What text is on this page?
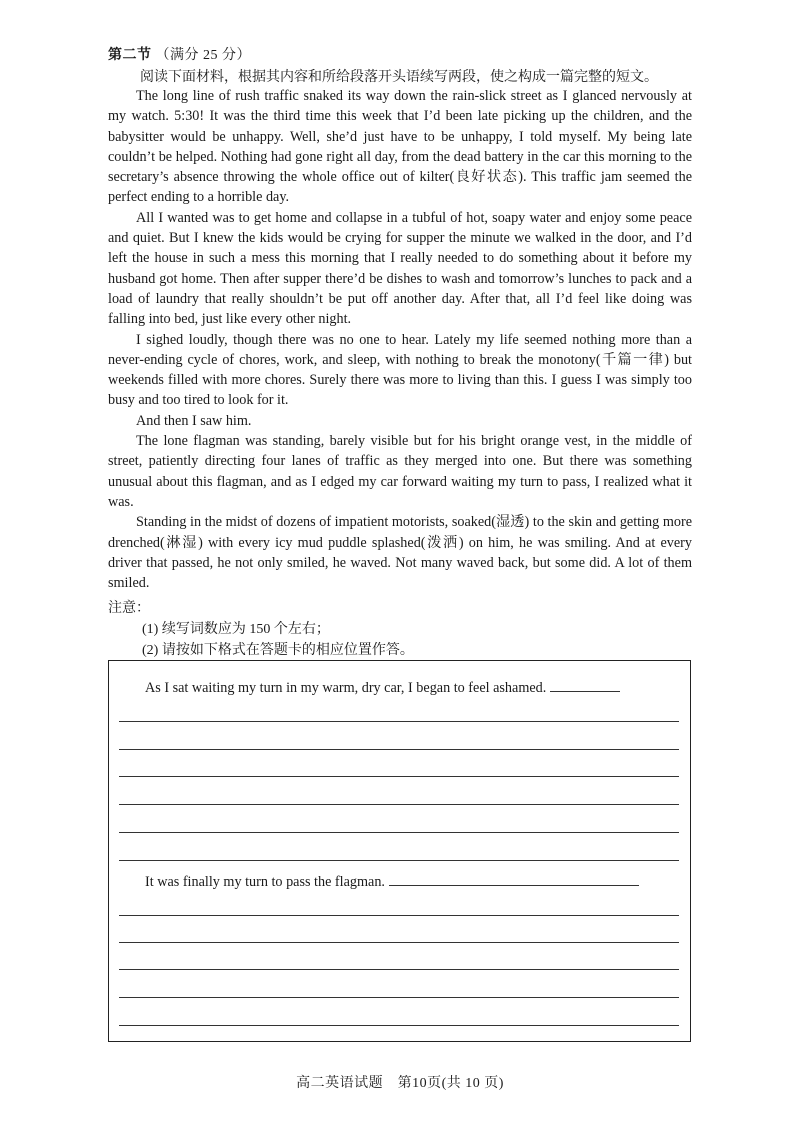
第二节 （满分 25 分）
阅读下面材料，根据其内容和所给段落开头语续写两段，使之构成一篇完整的短文。

The long line of rush traffic snaked its way down the rain-slick street as I glanced nervously at my watch. 5:30! It was the third time this week that I’d been late picking up the children, and the babysitter would be unhappy. Well, she’d just have to be unhappy, I told myself. My being late couldn’t be helped. Nothing had gone right all day, from the dead battery in the car this morning to the secretary’s absence throwing the whole office out of kilter(良好状态). This traffic jam seemed the perfect ending to a horrible day.

All I wanted was to get home and collapse in a tubful of hot, soapy water and enjoy some peace and quiet. But I knew the kids would be crying for supper the minute we walked in the door, and I’d left the house in such a mess this morning that I really needed to do something about it before my husband got home. Then after supper there’d be dishes to wash and tomorrow’s lunches to pack and a load of laundry that really shouldn’t be put off another day. After that, all I’d feel like doing was falling into bed, just like every other night.

I sighed loudly, though there was no one to hear. Lately my life seemed nothing more than a never-ending cycle of chores, work, and sleep, with nothing to break the monotony(千篇一律) but weekends filled with more chores. Surely there was more to living than this. I guess I was simply too busy and too tired to look for it.

And then I saw him.

The lone flagman was standing, barely visible but for his bright orange vest, in the middle of street, patiently directing four lanes of traffic as they merged into one. But there was something unusual about this flagman, and as I edged my car forward waiting my turn to pass, I realized what it was.

Standing in the midst of dozens of impatient motorists, soaked(湿透) to the skin and getting more drenched(淋湿) with every icy mud puddle splashed(泼洒) on him, he was smiling. And at every driver that passed, he not only smiled, he waved. Not many waved back, but some did. A lot of them smiled.

注意：
(1) 续写词数应为 150 个左右；
(2) 请按如下格式在答题卡的相应位置作答。
As I sat waiting my turn in my warm, dry car, I began to feel ashamed.
It was finally my turn to pass the flagman.
高二英语试题　第10页(共 10 页)
